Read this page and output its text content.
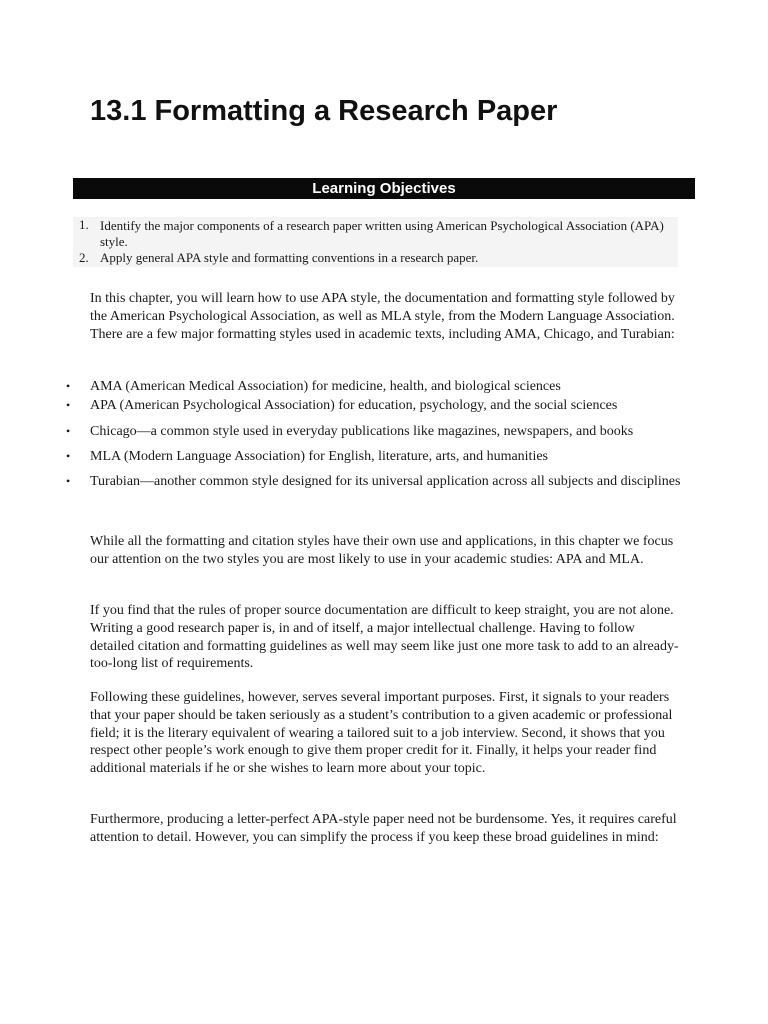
13.1 Formatting a Research Paper
Learning Objectives
1. Identify the major components of a research paper written using American Psychological Association (APA) style.
2. Apply general APA style and formatting conventions in a research paper.

In this chapter, you will learn how to use APA style, the documentation and formatting style followed by the American Psychological Association, as well as MLA style, from the Modern Language Association. There are a few major formatting styles used in academic texts, including AMA, Chicago, and Turabian:

• AMA (American Medical Association) for medicine, health, and biological sciences
• APA (American Psychological Association) for education, psychology, and the social sciences
• Chicago—a common style used in everyday publications like magazines, newspapers, and books
• MLA (Modern Language Association) for English, literature, arts, and humanities
• Turabian—another common style designed for its universal application across all subjects and disciplines

While all the formatting and citation styles have their own use and applications, in this chapter we focus our attention on the two styles you are most likely to use in your academic studies: APA and MLA.

If you find that the rules of proper source documentation are difficult to keep straight, you are not alone. Writing a good research paper is, in and of itself, a major intellectual challenge. Having to follow detailed citation and formatting guidelines as well may seem like just one more task to add to an already-too-long list of requirements.

Following these guidelines, however, serves several important purposes. First, it signals to your readers that your paper should be taken seriously as a student’s contribution to a given academic or professional field; it is the literary equivalent of wearing a tailored suit to a job interview. Second, it shows that you respect other people’s work enough to give them proper credit for it. Finally, it helps your reader find additional materials if he or she wishes to learn more about your topic.

Furthermore, producing a letter-perfect APA-style paper need not be burdensome. Yes, it requires careful attention to detail. However, you can simplify the process if you keep these broad guidelines in mind:
